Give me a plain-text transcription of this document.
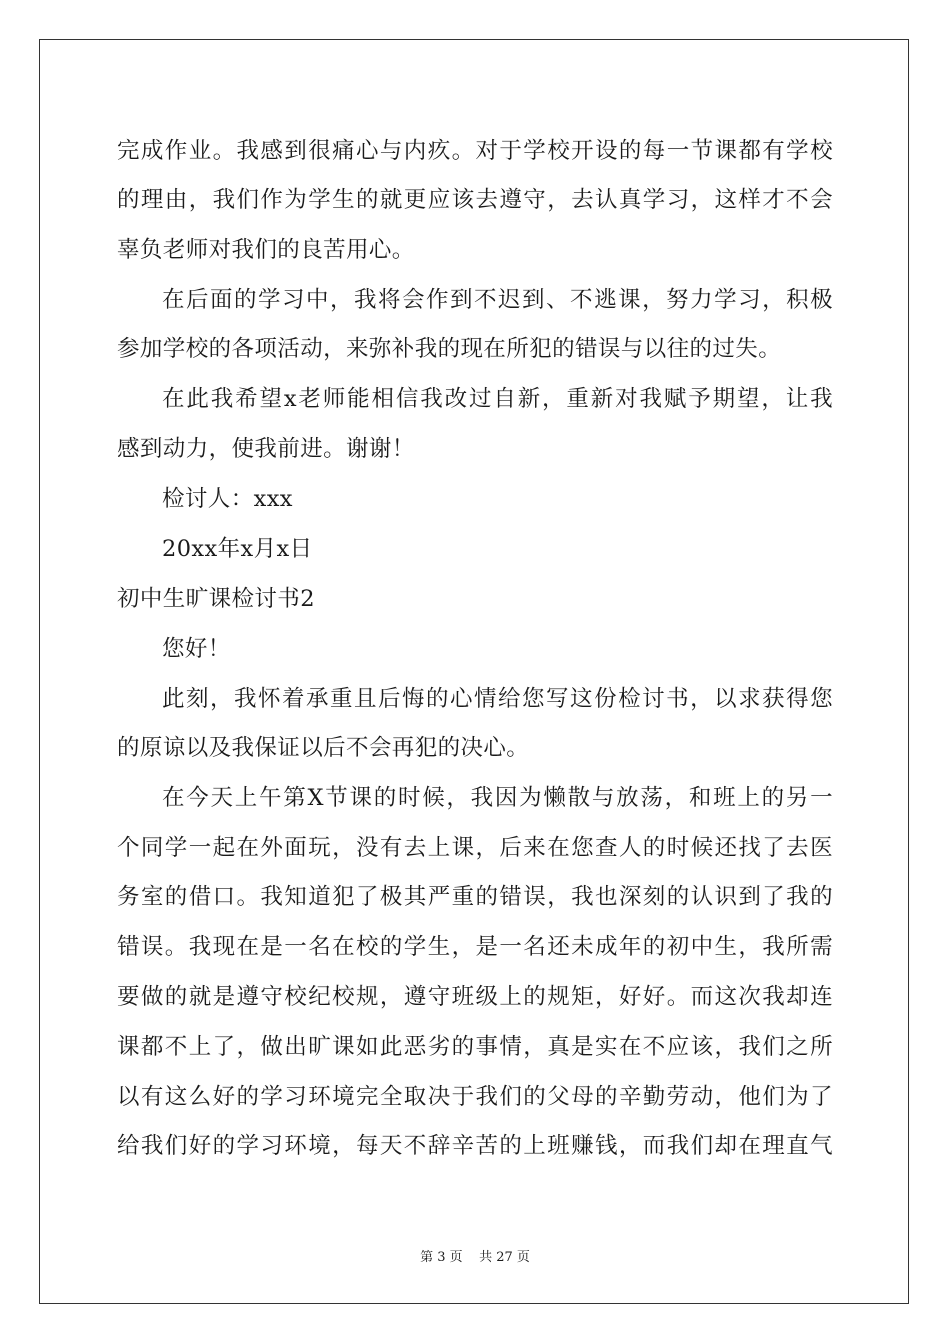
完成作业。我感到很痛心与内疚。对于学校开设的每一节课都有学校
的理由，我们作为学生的就更应该去遵守，去认真学习，这样才不会
辜负老师对我们的良苦用心。
在后面的学习中，我将会作到不迟到、不逃课，努力学习，积极
参加学校的各项活动，来弥补我的现在所犯的错误与以往的过失。
在此我希望x老师能相信我改过自新，重新对我赋予期望，让我
感到动力，使我前进。谢谢！
检讨人：xxx
20xx年x月x日
初中生旷课检讨书2
您好！
此刻，我怀着承重且后悔的心情给您写这份检讨书，以求获得您
的原谅以及我保证以后不会再犯的决心。
在今天上午第X节课的时候，我因为懒散与放荡，和班上的另一
个同学一起在外面玩，没有去上课，后来在您查人的时候还找了去医
务室的借口。我知道犯了极其严重的错误，我也深刻的认识到了我的
错误。我现在是一名在校的学生，是一名还未成年的初中生，我所需
要做的就是遵守校纪校规，遵守班级上的规矩，好好。而这次我却连
课都不上了，做出旷课如此恶劣的事情，真是实在不应该，我们之所
以有这么好的学习环境完全取决于我们的父母的辛勤劳动，他们为了
给我们好的学习环境，每天不辞辛苦的上班赚钱，而我们却在理直气
第 3 页    共 27 页
